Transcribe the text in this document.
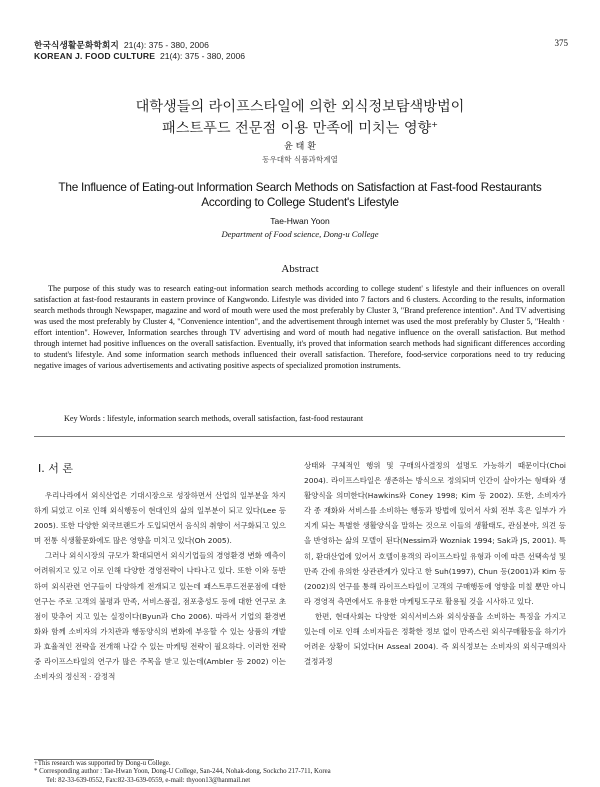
한국식생활문화학회지 21(4): 375 - 380, 2006
KOREAN J. FOOD CULTURE 21(4): 375 - 380, 2006
375
대학생들의 라이프스타일에 의한 외식정보탐색방법이
패스트푸드 전문점 이용 만족에 미치는 영향+
윤 태 환
동우대학 식품과학계열
The Influence of Eating-out Information Search Methods on Satisfaction at Fast-food Restaurants
According to College Student's Lifestyle
Tae-Hwan Yoon
Department of Food science, Dong-u College
Abstract
The purpose of this study was to research eating-out information search methods according to college student' s lifestyle and their influences on overall satisfaction at fast-food restaurants in eastern province of Kangwondo. Lifestyle was divided into 7 factors and 6 clusters. According to the results, information search methods through Newspaper, magazine and word of mouth were used the most preferably by Cluster 3, "Brand preference intention". And TV advertising was used the most preferably by Cluster 4, "Convenience intention", and the advertisement through internet was used the most preferably by Cluster 5, "Health · effort intention". However, Information searches through TV advertising and word of mouth had negative influence on the overall satisfaction. But method through internet had positive influences on the overall satisfaction. Eventually, it's proved that information search methods had significant differences according to student's lifestyle. And some information search methods influenced their overall satisfaction. Therefore, food-service corporations need to try reducing negative images of various advertisements and activating positive aspects of specialized promotion instruments.
Key Words : lifestyle, information search methods, overall satisfaction, fast-food restaurant
Ⅰ. 서 론
우리나라에서 외식산업은 기대시장으로 성장하면서 산업의 일부분을 차지하게 되었고 이로 인해 외식행동이 현대인의 삶의 일부분이 되고 있다(Lee 등 2005). 또한 다양한 외국브랜드가 도입되면서 음식의 취향이 서구화되고 있으며 전통 식생활문화에도 많은 영향을 미치고 있다(Oh 2005).
그러나 외식시장의 규모가 확대되면서 외식기업들의 경영환경 변화 예측이 어려워지고 있고 이로 인해 다양한 경영전략이 나타나고 있다. 또한 이와 동반하여 외식관련 연구들이 다양하게 전개되고 있는데 패스트푸드전문점에 대한 연구는 주로 고객의 불평과 만족, 서비스품질, 점포충성도 등에 대한 연구로 초점이 맞추어 지고 있는 실정이다(Byun과 Cho 2006). 따라서 기업의 환경변화와 함께 소비자의 가치관과 행동양식의 변화에 부응할 수 있는 상품의 개발과 효율적인 전략을 전개해 나갈 수 있는 마케팅 전략이 필요하다. 이러한 전략 중 라이프스타일의 연구가 많은 주목을 받고 있는데(Ambler 등 2002) 이는 소비자의 정신적 · 감정적

상태와 구체적인 행위 및 구매의사결정의 설명도 가능하기 때문이다(Choi 2004). 라이프스타일은 생존하는 방식으로 정의되며 인간이 살아가는 형태와 생활양식을 의미한다(Hawkins와 Coney 1998; Kim 등 2002). 또한, 소비자가 각 종 재화와 서비스를 소비하는 행동과 방법에 있어서 사회 전부 혹은 일부가 가지게 되는 특별한 생활양식을 말하는 것으로 이들의 생활태도, 관심분야, 의견 등을 반영하는 삶의 모델이 된다(Nessim과 Wozniak 1994; Sak과 JS, 2001). 특히, 환대산업에 있어서 호텔이용객의 라이프스타일 유형과 이에 따른 선택속성 및 만족 간에 유의한 상관관계가 있다고 한 Suh(1997), Chun 등(2001)과 Kim 등(2002)의 연구를 통해 라이프스타일이 고객의 구매행동에 영향을 미칠 뿐만 아니라 경영적 측면에서도 유용한 마케팅도구로 활용될 것을 시사하고 있다.

한편, 현대사회는 다양한 외식서비스와 외식상품을 소비하는 특징을 가지고 있는데 이로 인해 소비자들은 정확한 정보 없이 만족스런 외식구매활동을 하기가 어려운 상황이 되었다(H Asseal 2004). 즉 외식정보는 소비자의 외식구매의사결정과정

+This research was supported by Dong-u College.
* Corresponding author : Tae-Hwan Yoon, Dong-U College, San-244, Nohak-dong, Sockcho 217-711, Korea
Tel: 82-33-639-0552, Fax:82-33-639-0559, e-mail: thyoon13@hanmail.net
